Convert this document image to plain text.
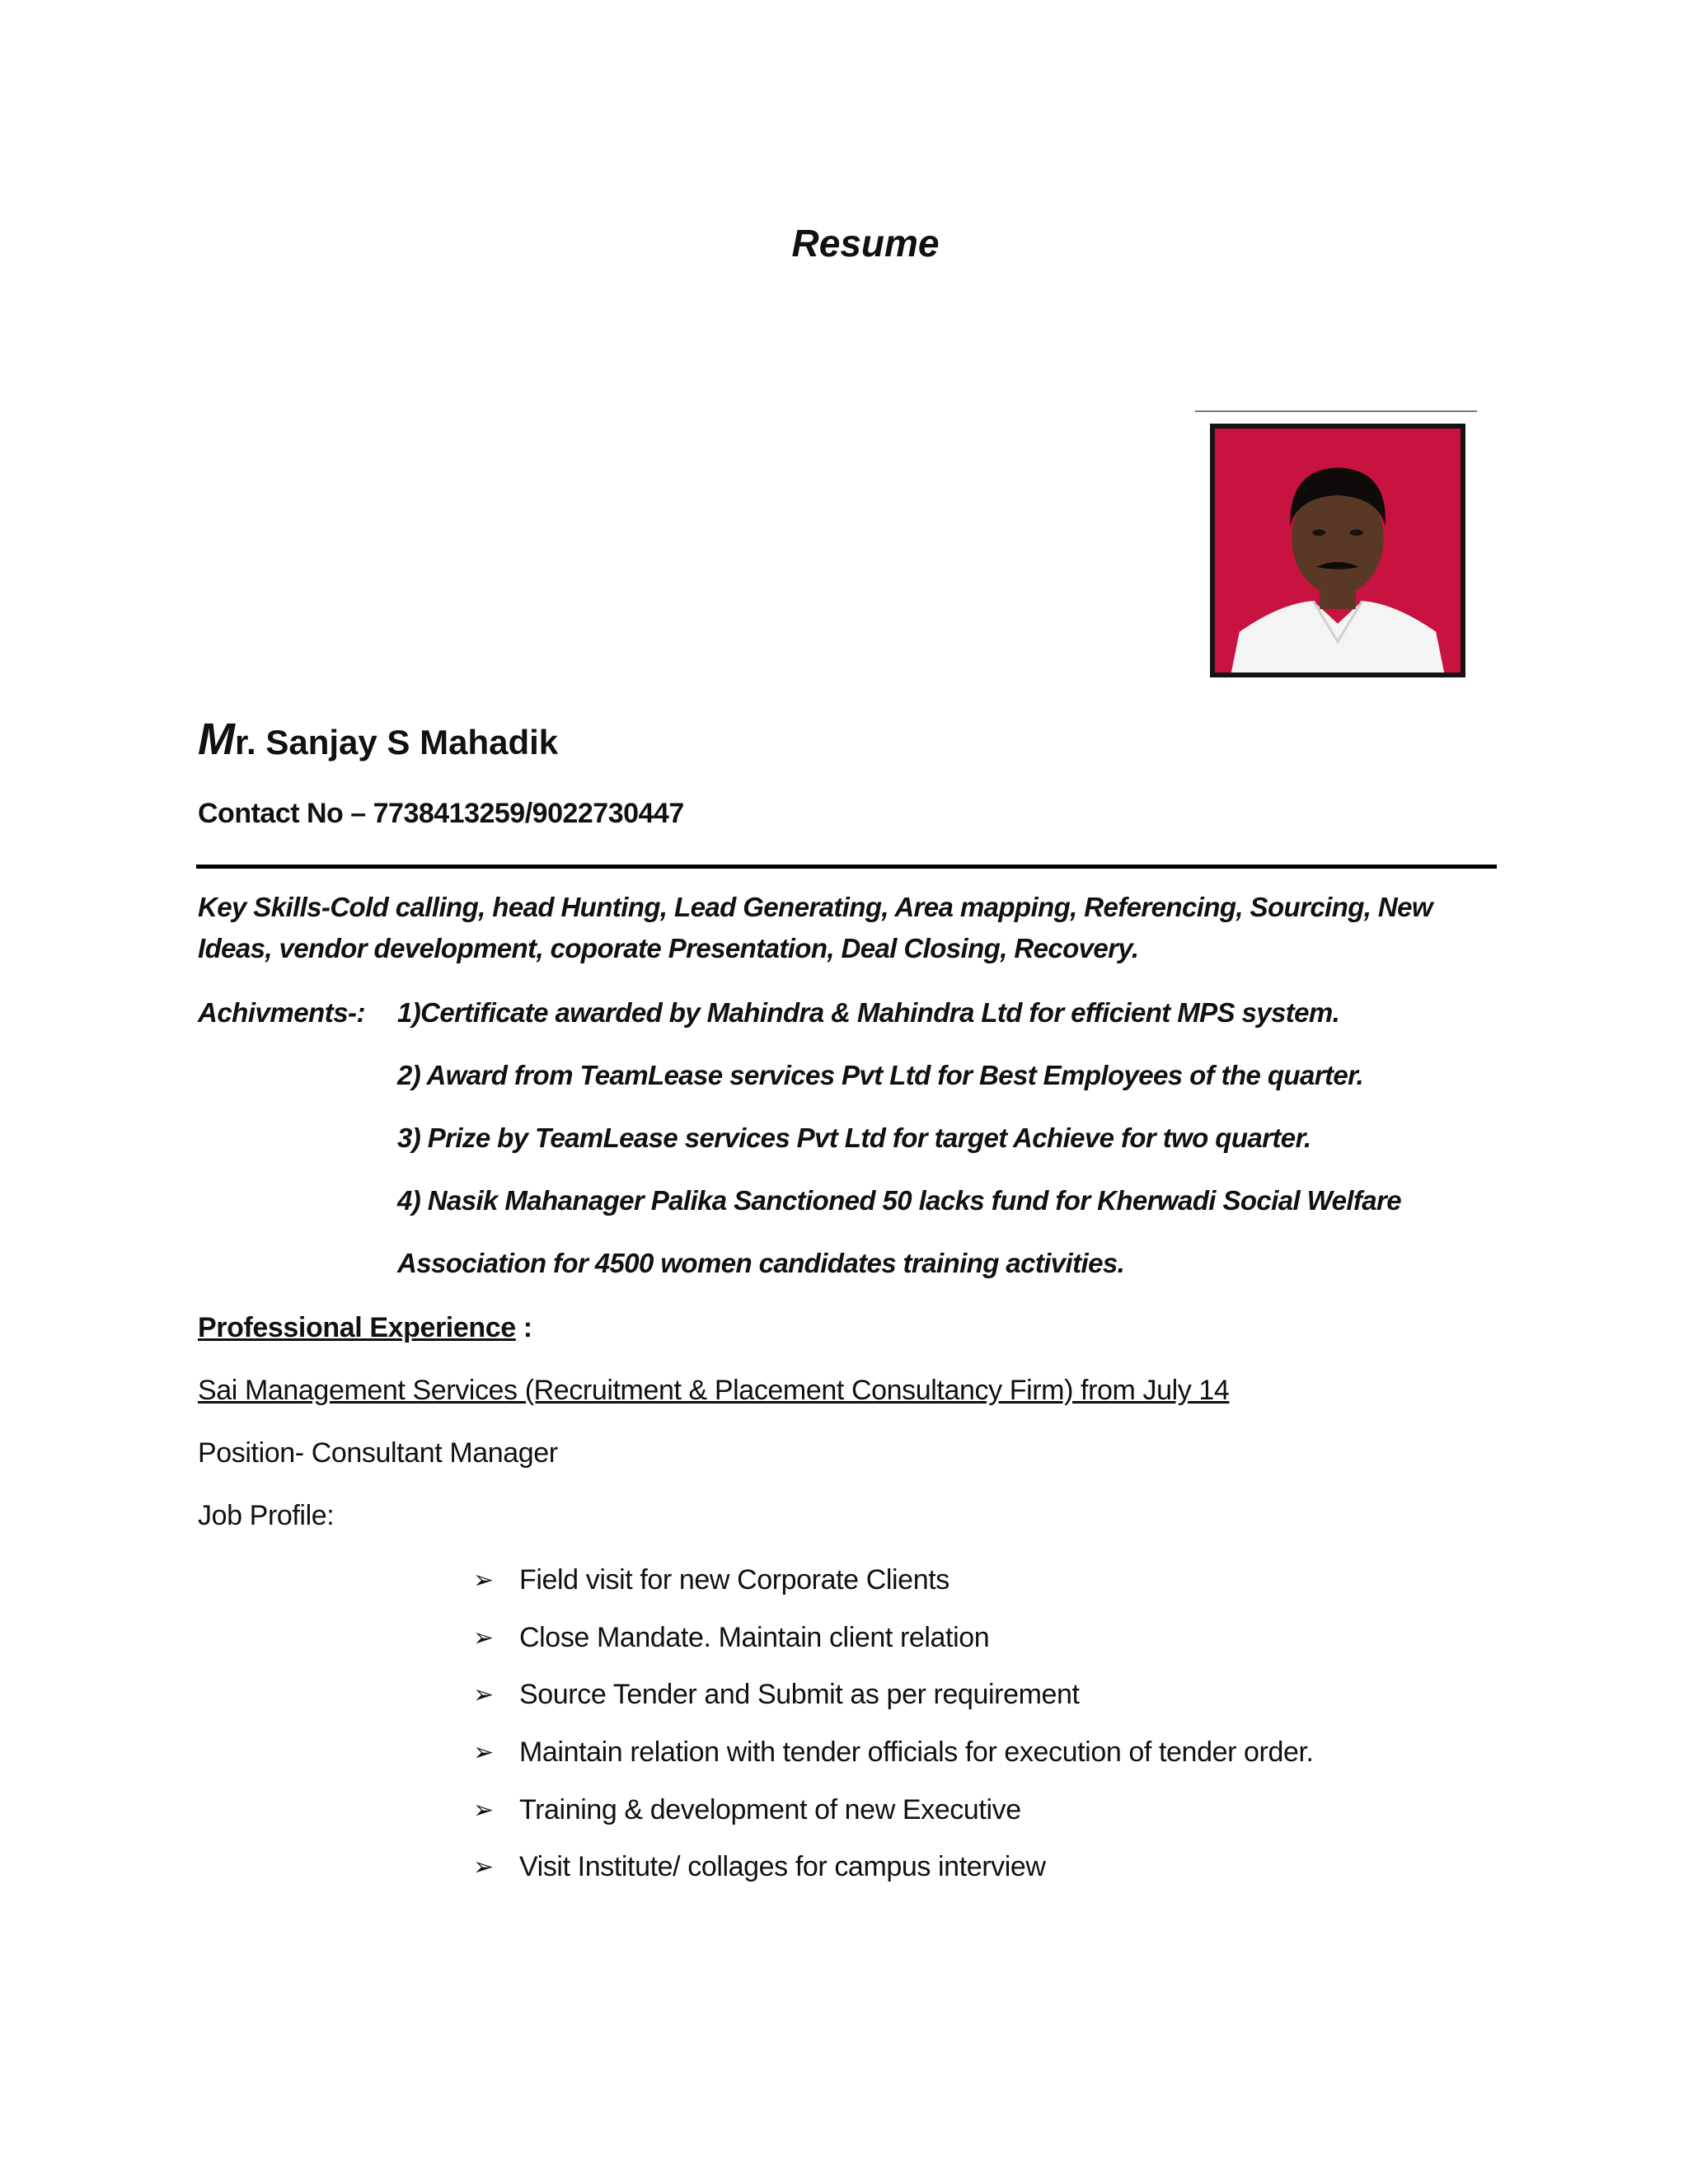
Resume
Mr. Sanjay S Mahadik
Contact No – 7738413259/9022730447
Key Skills-Cold calling, head Hunting, Lead Generating, Area mapping, Referencing, Sourcing, New
Ideas, vendor development, coporate Presentation, Deal Closing, Recovery.
Achivments-: 1)Certificate awarded by Mahindra & Mahindra Ltd for efficient MPS system.
2) Award from TeamLease services Pvt Ltd for Best Employees of the quarter.
3) Prize by TeamLease services Pvt Ltd for target Achieve for two quarter.
4) Nasik Mahanager Palika Sanctioned 50 lacks fund for Kherwadi Social Welfare
Association for 4500 women candidates training activities.
Professional Experience :
Sai Management Services (Recruitment & Placement Consultancy Firm) from July 14
Position- Consultant Manager
Job Profile:
➢ Field visit for new Corporate Clients
➢ Close Mandate. Maintain client relation
➢ Source Tender and Submit as per requirement
➢ Maintain relation with tender officials for execution of tender order.
➢ Training & development of new Executive
➢ Visit Institute/ collages for campus interview
